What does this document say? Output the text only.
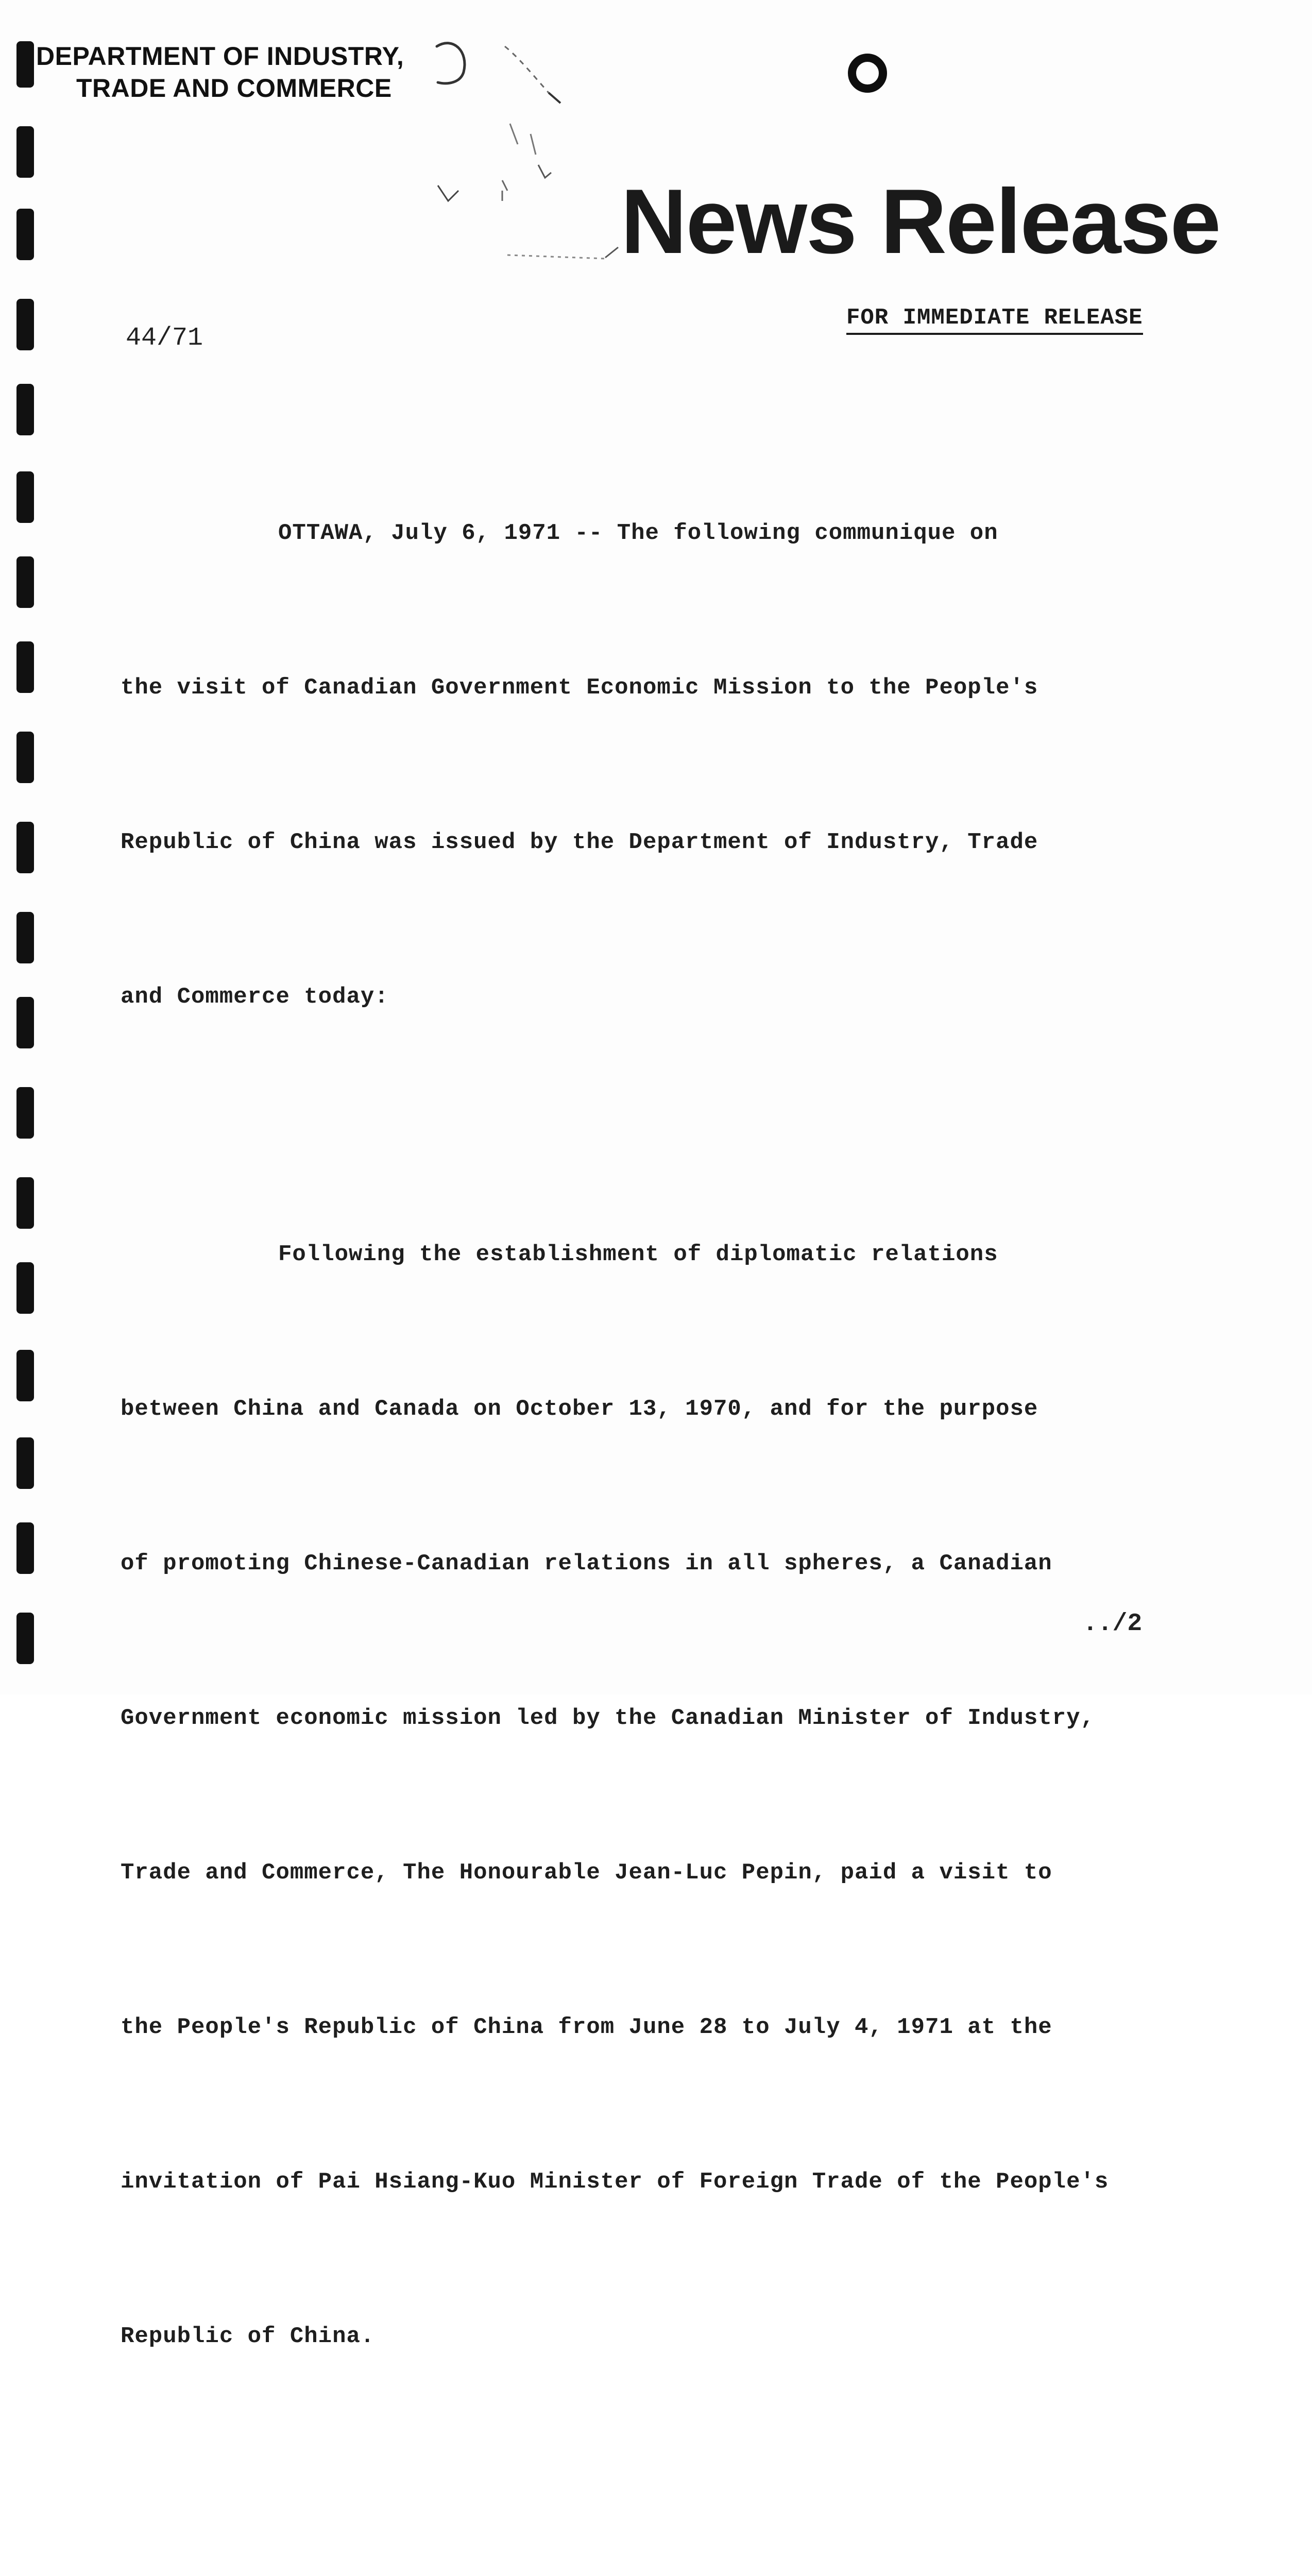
DEPARTMENT OF INDUSTRY,
TRADE AND COMMERCE
News Release
44/71
FOR IMMEDIATE RELEASE

OTTAWA, July 6, 1971 -- The following communique on

the visit of Canadian Government Economic Mission to the People's

Republic of China was issued by the Department of Industry, Trade

and Commerce today:

Following the establishment of diplomatic relations

between China and Canada on October 13, 1970, and for the purpose

of promoting Chinese-Canadian relations in all spheres, a Canadian

Government economic mission led by the Canadian Minister of Industry,

Trade and Commerce, The Honourable Jean-Luc Pepin, paid a visit to

the People's Republic of China from June 28 to July 4, 1971 at the

invitation of Pai Hsiang-Kuo Minister of Foreign Trade of the People's

Republic of China.

../2
